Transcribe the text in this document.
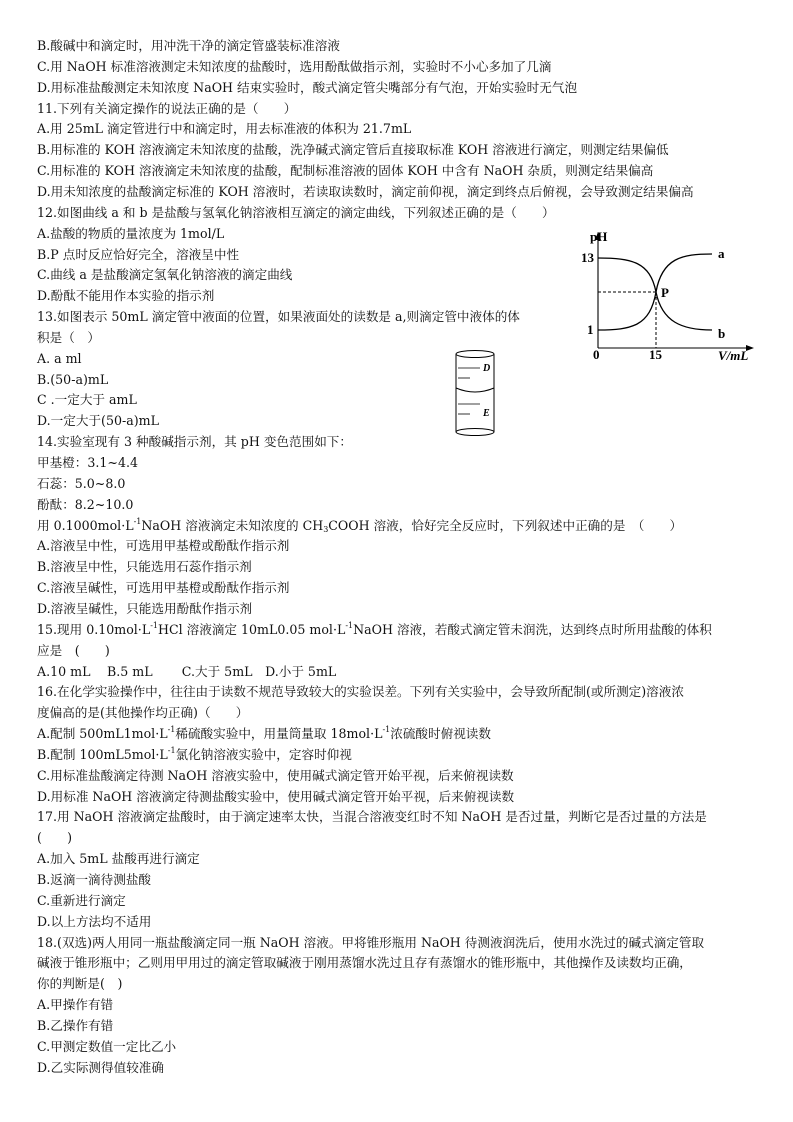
B.酸碱中和滴定时，用冲洗干净的滴定管盛装标准溶液
C.用 NaOH 标准溶液测定未知浓度的盐酸时，选用酚酞做指示剂，实验时不小心多加了几滴
D.用标准盐酸测定未知浓度 NaOH 结束实验时，酸式滴定管尖嘴部分有气泡，开始实验时无气泡
11.下列有关滴定操作的说法正确的是（　　）
A.用 25mL 滴定管进行中和滴定时，用去标准液的体积为 21.7mL
B.用标准的 KOH 溶液滴定未知浓度的盐酸，洗净碱式滴定管后直接取标准 KOH 溶液进行滴定，则测定结果偏低
C.用标准的 KOH 溶液滴定未知浓度的盐酸，配制标准溶液的固体 KOH 中含有 NaOH 杂质，则测定结果偏高
D.用未知浓度的盐酸滴定标准的 KOH 溶液时，若读取读数时，滴定前仰视，滴定到终点后俯视，会导致测定结果偏高
12.如图曲线 a 和 b 是盐酸与氢氧化钠溶液相互滴定的滴定曲线，下列叙述正确的是（　　）
A.盐酸的物质的量浓度为 1mol/L
B.P 点时反应恰好完全，溶液呈中性
C.曲线 a 是盐酸滴定氢氧化钠溶液的滴定曲线
D.酚酞不能用作本实验的指示剂
13.如图表示 50mL 滴定管中液面的位置，如果液面处的读数是 a,则滴定管中液体的体
积是（　）
A. a ml
B.(50-a)mL
C .一定大于 amL
D.一定大于(50-a)mL
14.实验室现有 3 种酸碱指示剂，其 pH 变色范围如下：
甲基橙：3.1~4.4
石蕊：5.0~8.0
酚酞：8.2~10.0
用 $0.1000mol\cdot L^{-1}NaOH$ 溶液滴定未知浓度的 CH3COOH 溶液，恰好完全反应时，下列叙述中正确的是　（　　）
A.溶液呈中性，可选用甲基橙或酚酞作指示剂
B.溶液呈中性，只能选用石蕊作指示剂
C.溶液呈碱性，可选用甲基橙或酚酞作指示剂
D.溶液呈碱性，只能选用酚酞作指示剂
15.现用 $0.10mol\cdot L^{-1}HCl$ 溶液滴定 10mL0.05 $mol\cdot L^{-1}NaOH$ 溶液，若酸式滴定管未润洗，达到终点时所用盐酸的体积
应是　(　　)
A.10 mL　 B.5 mL　　 C.大于 5mL　D.小于 5mL
16.在化学实验操作中，往往由于读数不规范导致较大的实验误差。下列有关实验中，会导致所配制(或所测定)溶液浓
度偏高的是(其他操作均正确)（　　）
A.配制 $500mL1mol\cdot L^{-1}$稀硫酸实验中，用量筒量取 $18mol\cdot L^{-1}$浓硫酸时俯视读数
B.配制 $100mL5mol\cdot L^{-1}$氯化钠溶液实验中，定容时仰视
C.用标准盐酸滴定待测 NaOH 溶液实验中，使用碱式滴定管开始平视，后来俯视读数
D.用标准 NaOH 溶液滴定待测盐酸实验中，使用碱式滴定管开始平视，后来俯视读数
17.用 NaOH 溶液滴定盐酸时，由于滴定速率太快，当混合溶液变红时不知 NaOH 是否过量，判断它是否过量的方法是
(　　)
A.加入 5mL 盐酸再进行滴定
B.返滴一滴待测盐酸
C.重新进行滴定
D.以上方法均不适用
18.(双选)两人用同一瓶盐酸滴定同一瓶 NaOH 溶液。甲将锥形瓶用 NaOH 待测液润洗后，使用水洗过的碱式滴定管取
碱液于锥形瓶中；乙则用甲用过的滴定管取碱液于刚用蒸馏水洗过且存有蒸馏水的锥形瓶中，其他操作及读数均正确，
你的判断是(　)
A.甲操作有错
B.乙操作有错
C.甲测定数值一定比乙小
D.乙实际测得值较准确
pH
V/mL
13
1
0	15
P
a
b
D
E
